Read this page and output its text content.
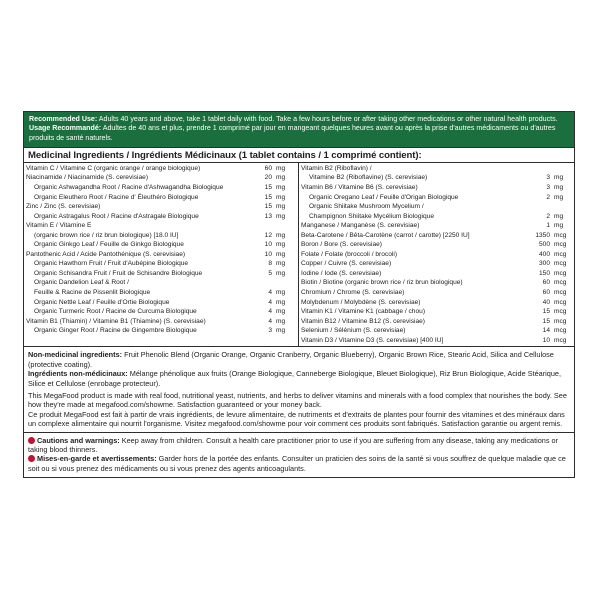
Recommended Use: Adults 40 years and above, take 1 tablet daily with food. Take a few hours before or after taking other medications or other natural health products.
Usage Recommandé: Adultes de 40 ans et plus, prendre 1 comprimé par jour en mangeant quelques heures avant ou après la prise d'autres médicaments ou d'autres produits de santé naturels.
Medicinal Ingredients / Ingrédients Médicinaux (1 tablet contains / 1 comprimé contient):
Vitamin C / Vitamine C (organic orange / orange biologique)	60 mg
Niacinamide / Niacinamide (S. cerevisiae)	20 mg
Organic Ashwagandha Root / Racine d'Ashwagandha Biologique	15 mg
Organic Eleuthero Root / Racine d' Éleuthéro Biologique	15 mg
Zinc / Zinc (S. cerevisiae)	15 mg
Organic Astragalus Root / Racine d'Astragale Biologique	13 mg
Vitamin E / Vitamine E
(organic brown rice / riz brun biologique) [18.0 IU]	12 mg
Organic Ginkgo Leaf / Feuille de Ginkgo Biologique	10 mg
Pantothenic Acid / Acide Pantothénique (S. cerevisiae)	10 mg
Organic Hawthorn Fruit / Fruit d'Aubépine Biologique	8 mg
Organic Schisandra Fruit / Fruit de Schisandre Biologique	5 mg
Organic Dandelion Leaf & Root /
Feuille & Racine de Pissenlit Biologique	4 mg
Organic Nettle Leaf / Feuille d'Ortie Biologique	4 mg
Organic Turmeric Root / Racine de Curcuma Biologique	4 mg
Vitamin B1 (Thiamin) / Vitamine B1 (Thiamine) (S. cerevisiae)	4 mg
Organic Ginger Root / Racine de Gingembre Biologique	3 mg
Vitamin B2 (Riboflavin) /
Vitamine B2 (Riboflavine) (S. cerevisiae)	3 mg
Vitamin B6 / Vitamine B6 (S. cerevisiae)	3 mg
Organic Oregano Leaf / Feuille d'Origan Biologique	2 mg
Organic Shiitake Mushroom Mycelium /
Champignon Shiitake Mycélium Biologique	2 mg
Manganese / Manganèse (S. cerevisiae)	1 mg
Beta-Carotene / Bêta-Carotène (carrot / carotte) [2250 IU]	1350 mcg
Boron / Bore (S. cerevisiae)	500 mcg
Folate / Folate (broccoli / brocoli)	400 mcg
Copper / Cuivre (S. cerevisiae)	300 mcg
Iodine / Iode (S. cerevisiae)	150 mcg
Biotin / Biotine (organic brown rice / riz brun biologique)	60 mcg
Chromium / Chrome (S. cerevisiae)	60 mcg
Molybdenum / Molybdène (S. cerevisiae)	40 mcg
Vitamin K1 / Vitamine K1 (cabbage / chou)	15 mcg
Vitamin B12 / Vitamine B12 (S. cerevisiae)	15 mcg
Selenium / Sélénium (S. cerevisiae)	14 mcg
Vitamin D3 / Vitamine D3 (S. cerevisiae) [400 IU]	10 mcg

Non-medicinal ingredients: Fruit Phenolic Blend (Organic Orange, Organic Cranberry, Organic Blueberry), Organic Brown Rice, Stearic Acid, Silica and Cellulose (protective coating).

Ingrédients non-médicinaux: Mélange phénolique aux fruits (Orange Biologique, Canneberge Biologique, Bleuet Biologique), Riz Brun Biologique, Acide Stéarique, Silice et Cellulose (enrobage protecteur).

This MegaFood product is made with real food, nutritional yeast, nutrients, and herbs to deliver vitamins and minerals with a food complex that nourishes the body. See how they're made at megafood.com/showme. Satisfaction guaranteed or your money back.

Ce produit MegaFood est fait à partir de vrais ingrédients, de levure alimentaire, de nutriments et d'extraits de plantes pour fournir des vitamines et des minéraux dans un complexe alimentaire qui nourrit l'organisme. Visitez megafood.com/showme pour voir comment ces produits sont fabriqués. Satisfaction garantie ou argent remis.

Cautions and warnings: Keep away from children. Consult a health care practitioner prior to use if you are suffering from any disease, taking any medications or taking blood thinners.

Mises-en-garde et avertissements: Garder hors de la portée des enfants. Consulter un praticien des soins de la santé si vous souffrez de quelque maladie que ce soit ou si vous prenez des médicaments ou si vous prenez des agents anticoagulants.
